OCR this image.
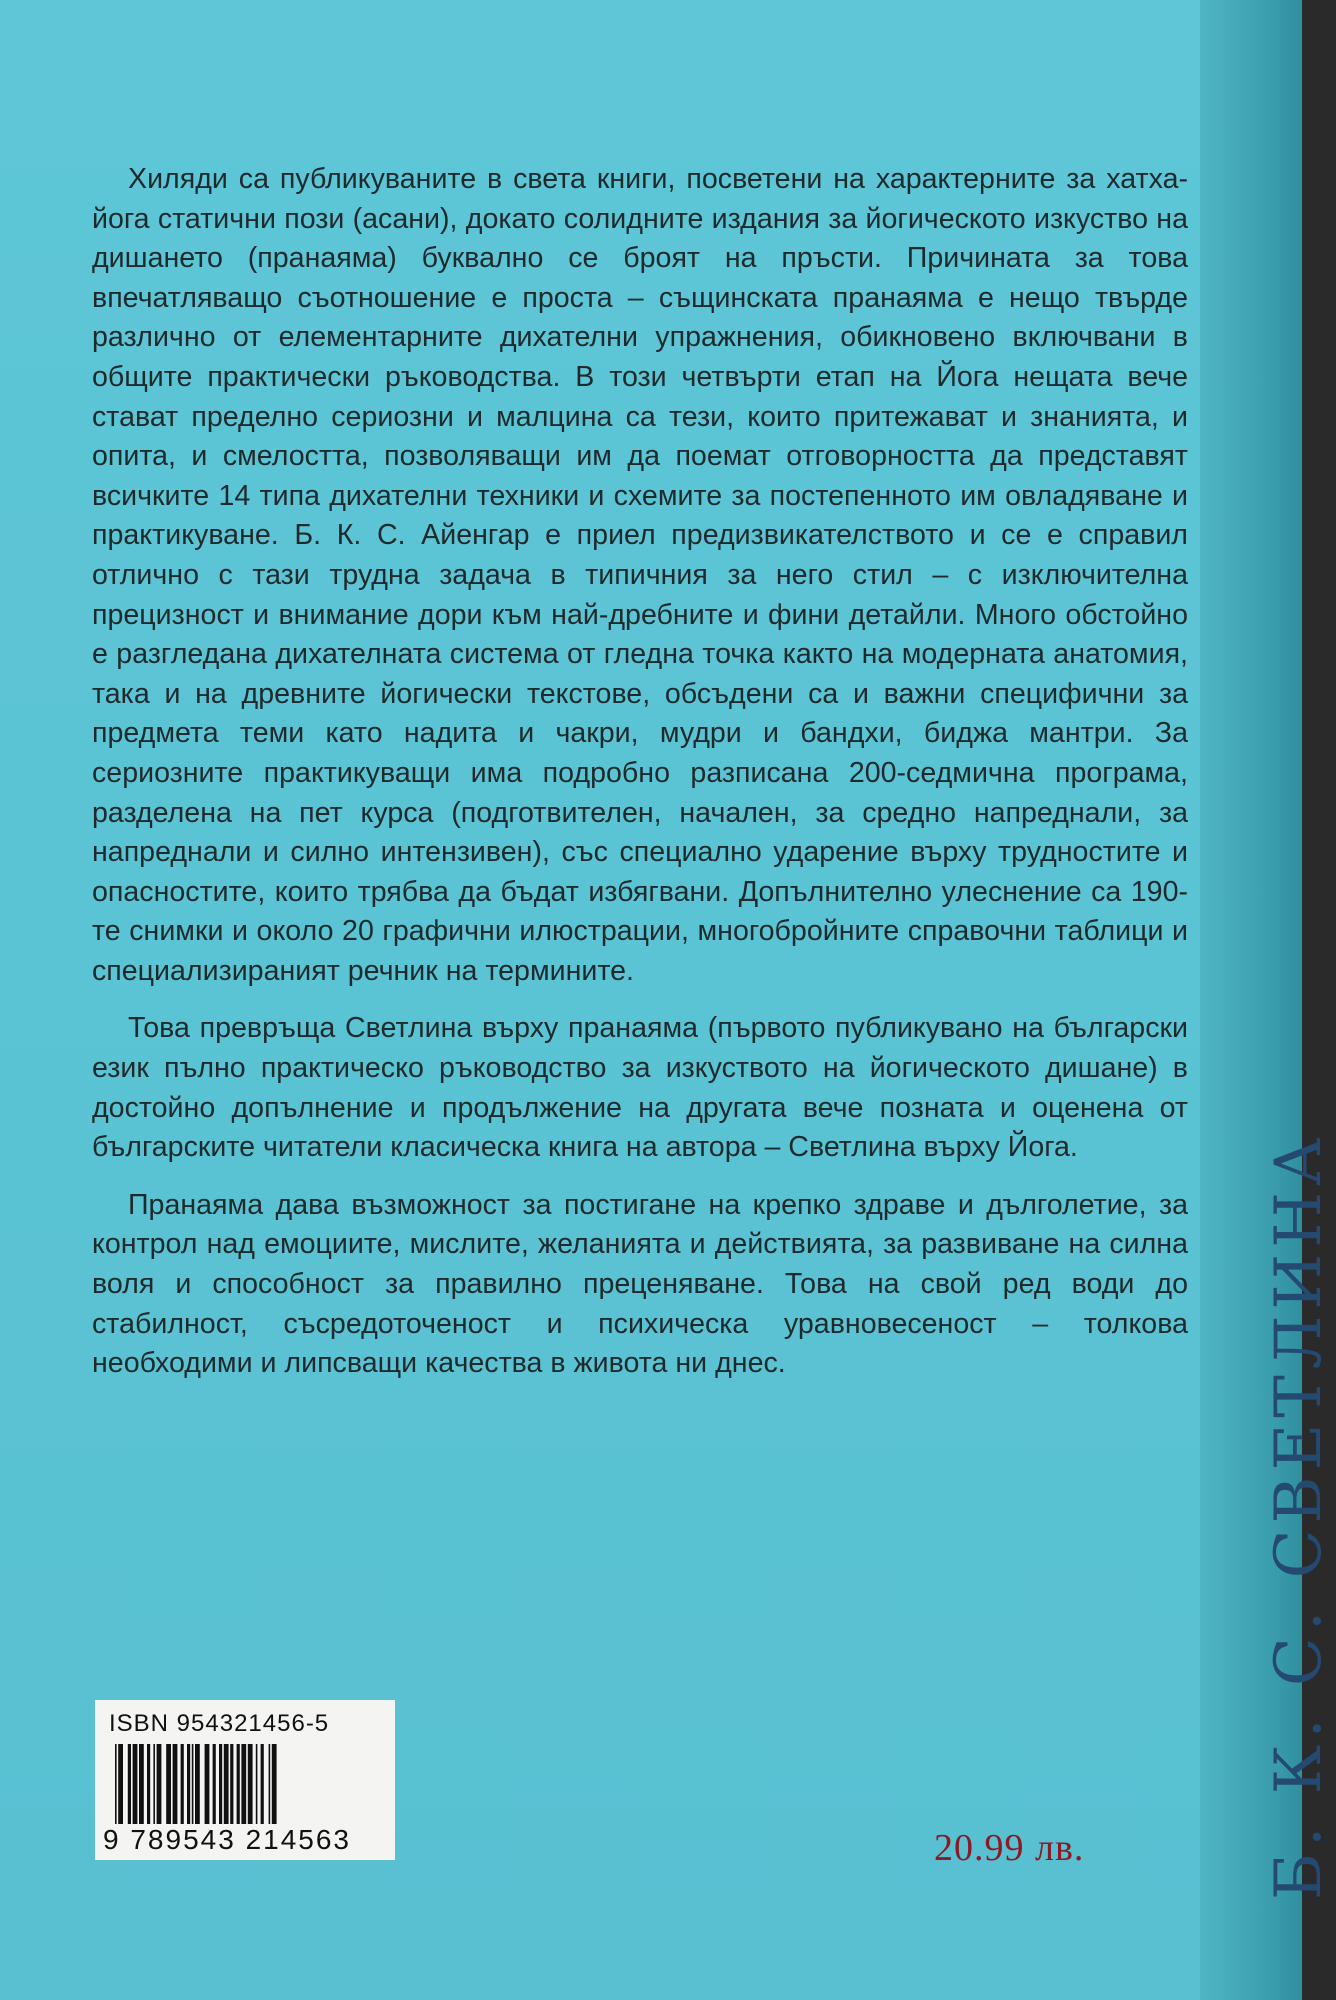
Б. К. С. СВЕТЛИНА

Хиляди са публикуваните в света книги, посветени на характерните за хатха-йога статични пози (асани), докато солидните издания за йогическото изкуство на дишането (пранаяма) буквално се броят на пръсти. Причината за това впечатляващо съотношение е проста – същинската пранаяма е нещо твърде различно от елементарните дихателни упражнения, обикновено включвани в общите практически ръководства. В този четвърти етап на Йога нещата вече стават пределно сериозни и малцина са тези, които притежават и знанията, и опита, и смелостта, позволяващи им да поемат отговорността да представят всичките 14 типа дихателни техники и схемите за постепенното им овладяване и практикуване. Б. К. С. Айенгар е приел предизвикателството и се е справил отлично с тази трудна задача в типичния за него стил – с изключителна прецизност и внимание дори към най-дребните и фини детайли. Много обстойно е разгледана дихателната система от гледна точка както на модерната анатомия, така и на древните йогически текстове, обсъдени са и важни специфични за предмета теми като надита и чакри, мудри и бандхи, биджа мантри. За сериозните практикуващи има подробно разписана 200-седмична програма, разделена на пет курса (подготвителен, начален, за средно напреднали, за напреднали и силно интензивен), със специално ударение върху трудностите и опасностите, които трябва да бъдат избягвани. Допълнително улеснение са 190-те снимки и около 20 графични илюстрации, многобройните справочни таблици и специализираният речник на термините.

Това превръща Светлина върху пранаяма (първото публикувано на български език пълно практическо ръководство за изкуството на йогическото дишане) в достойно допълнение и продължение на другата вече позната и оценена от българските читатели класическа книга на автора – Светлина върху Йога.

Пранаяма дава възможност за постигане на крепко здраве и дълголетие, за контрол над емоциите, мислите, желанията и действията, за развиване на силна воля и способност за правилно преценяване. Това на свой ред води до стабилност, съсредоточеност и психическа уравновесеност – толкова необходими и липсващи качества в живота ни днес.

ISBN 954321456-5
9 789543 214563	20.99 лв.
